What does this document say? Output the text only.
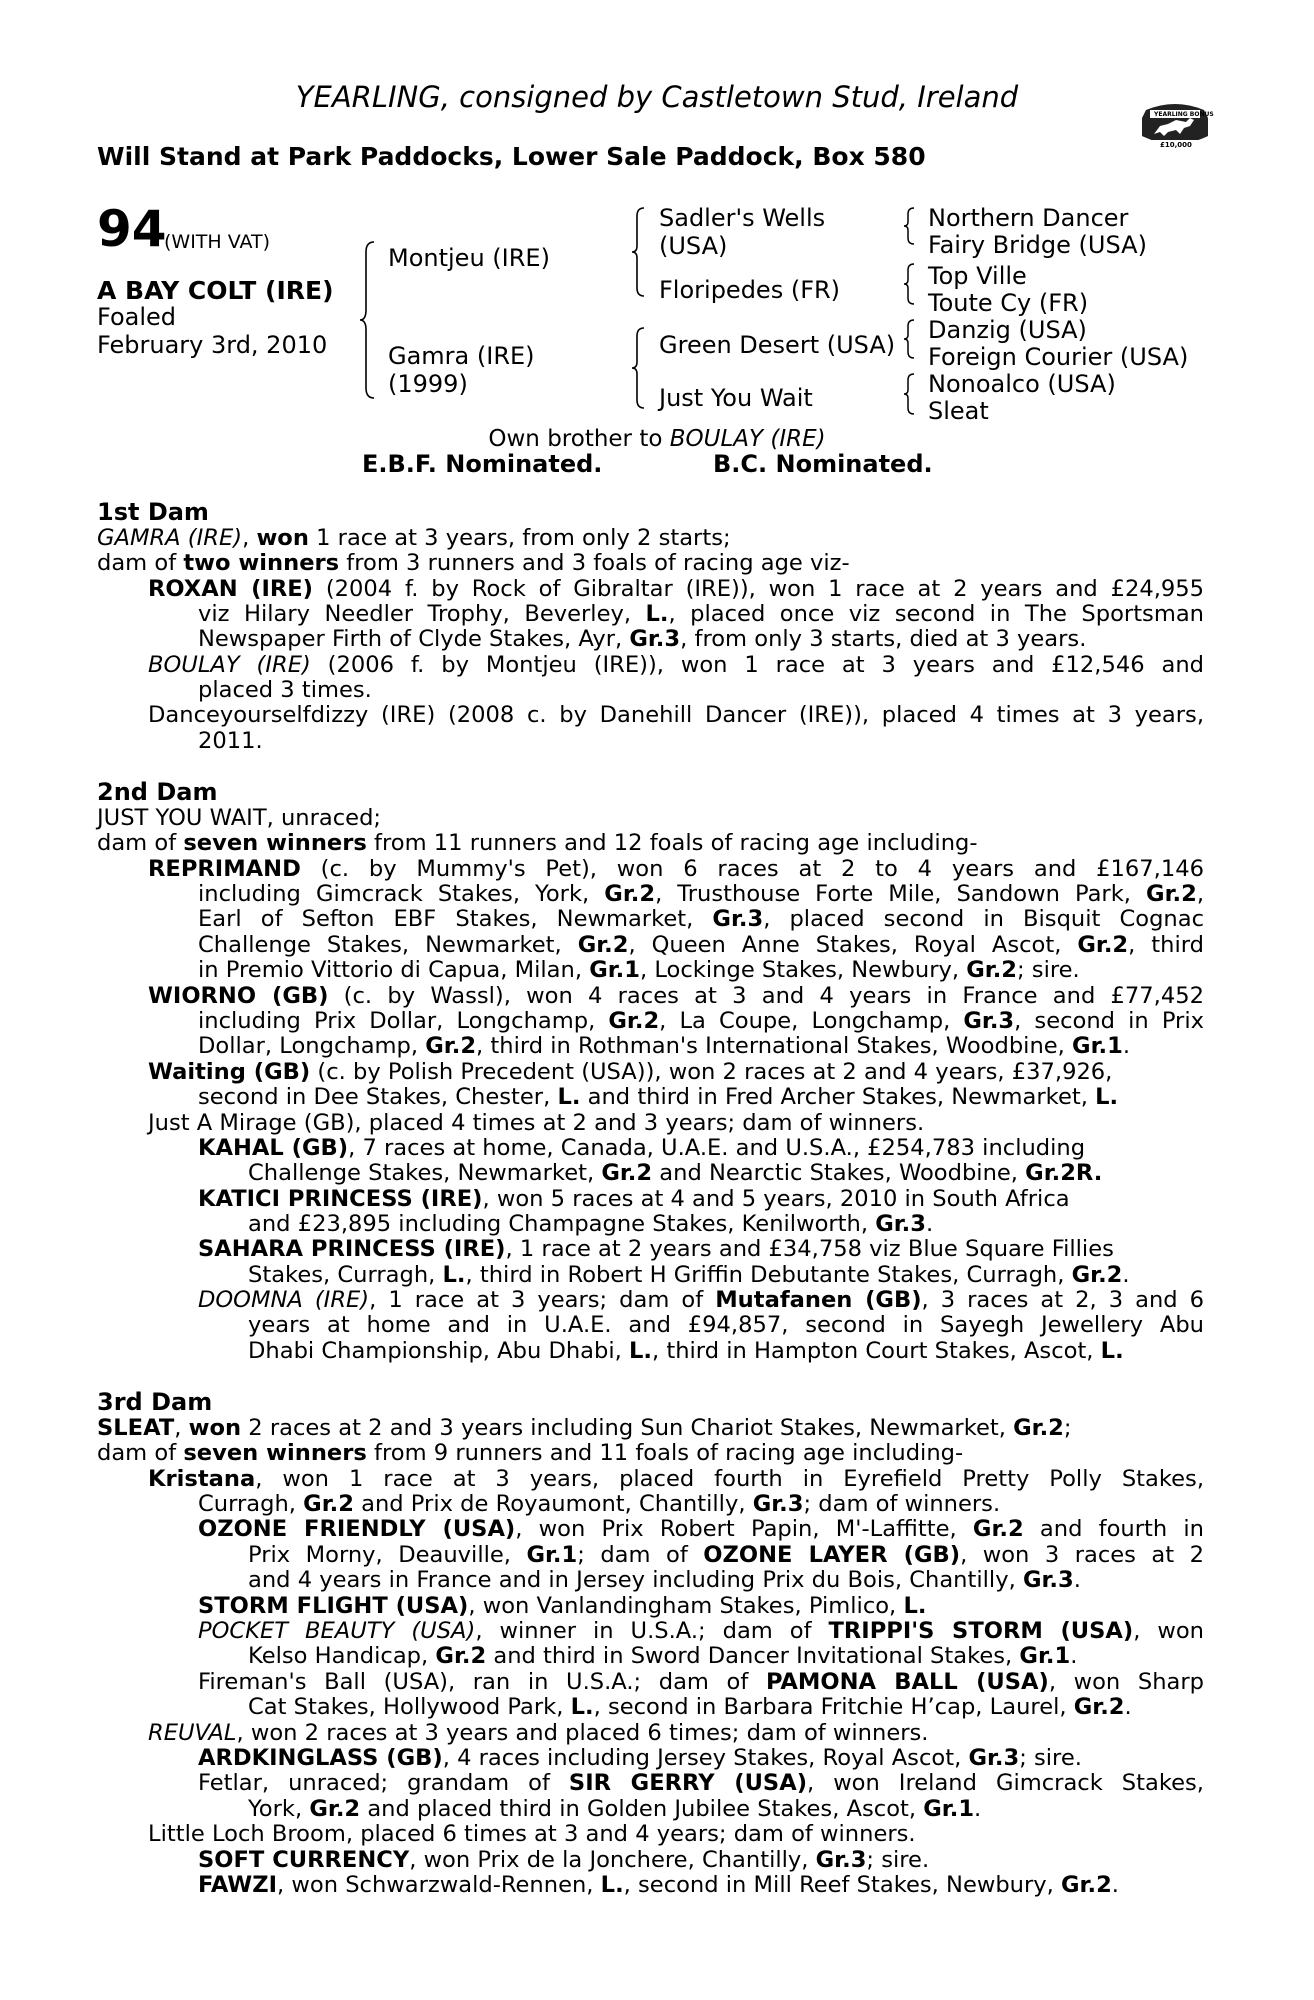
YEARLING, consigned by Castletown Stud, Ireland
Will Stand at Park Paddocks, Lower Sale Paddock, Box 580
YEARLING BONUS
£10,000
94
(WITH VAT)
A BAY COLT (IRE)
Foaled
February 3rd, 2010
Montjeu (IRE)
Gamra (IRE)
(1999)
Sadler's Wells
(USA)
Floripedes (FR)
Green Desert (USA)
Just You Wait
Northern Dancer
Fairy Bridge (USA)
Top Ville
Toute Cy (FR)
Danzig (USA)
Foreign Courier (USA)
Nonoalco (USA)
Sleat
Own brother to BOULAY (IRE)
E.B.F. Nominated.	B.C. Nominated.
1st Dam
GAMRA (IRE), won 1 race at 3 years, from only 2 starts;
dam of two winners from 3 runners and 3 foals of racing age viz-
ROXAN (IRE) (2004 f. by Rock of Gibraltar (IRE)), won 1 race at 2 years and £24,955
viz Hilary Needler Trophy, Beverley, L., placed once viz second in The Sportsman
Newspaper Firth of Clyde Stakes, Ayr, Gr.3, from only 3 starts, died at 3 years.
BOULAY (IRE) (2006 f. by Montjeu (IRE)), won 1 race at 3 years and £12,546 and
placed 3 times.
Danceyourselfdizzy (IRE) (2008 c. by Danehill Dancer (IRE)), placed 4 times at 3 years,
2011.
2nd Dam
JUST YOU WAIT, unraced;
dam of seven winners from 11 runners and 12 foals of racing age including-
REPRIMAND (c. by Mummy's Pet), won 6 races at 2 to 4 years and £167,146
including Gimcrack Stakes, York, Gr.2, Trusthouse Forte Mile, Sandown Park, Gr.2,
Earl of Sefton EBF Stakes, Newmarket, Gr.3, placed second in Bisquit Cognac
Challenge Stakes, Newmarket, Gr.2, Queen Anne Stakes, Royal Ascot, Gr.2, third
in Premio Vittorio di Capua, Milan, Gr.1, Lockinge Stakes, Newbury, Gr.2; sire.
WIORNO (GB) (c. by Wassl), won 4 races at 3 and 4 years in France and £77,452
including Prix Dollar, Longchamp, Gr.2, La Coupe, Longchamp, Gr.3, second in Prix
Dollar, Longchamp, Gr.2, third in Rothman's International Stakes, Woodbine, Gr.1.
Waiting (GB) (c. by Polish Precedent (USA)), won 2 races at 2 and 4 years, £37,926,
second in Dee Stakes, Chester, L. and third in Fred Archer Stakes, Newmarket, L.
Just A Mirage (GB), placed 4 times at 2 and 3 years; dam of winners.
KAHAL (GB), 7 races at home, Canada, U.A.E. and U.S.A., £254,783 including
Challenge Stakes, Newmarket, Gr.2 and Nearctic Stakes, Woodbine, Gr.2R.
KATICI PRINCESS (IRE), won 5 races at 4 and 5 years, 2010 in South Africa
and £23,895 including Champagne Stakes, Kenilworth, Gr.3.
SAHARA PRINCESS (IRE), 1 race at 2 years and £34,758 viz Blue Square Fillies
Stakes, Curragh, L., third in Robert H Griffin Debutante Stakes, Curragh, Gr.2.
DOOMNA (IRE), 1 race at 3 years; dam of Mutafanen (GB), 3 races at 2, 3 and 6
years at home and in U.A.E. and £94,857, second in Sayegh Jewellery Abu
Dhabi Championship, Abu Dhabi, L., third in Hampton Court Stakes, Ascot, L.
3rd Dam
SLEAT, won 2 races at 2 and 3 years including Sun Chariot Stakes, Newmarket, Gr.2;
dam of seven winners from 9 runners and 11 foals of racing age including-
Kristana, won 1 race at 3 years, placed fourth in Eyrefield Pretty Polly Stakes,
Curragh, Gr.2 and Prix de Royaumont, Chantilly, Gr.3; dam of winners.
OZONE FRIENDLY (USA), won Prix Robert Papin, M'-Laffitte, Gr.2 and fourth in
Prix Morny, Deauville, Gr.1; dam of OZONE LAYER (GB), won 3 races at 2
and 4 years in France and in Jersey including Prix du Bois, Chantilly, Gr.3.
STORM FLIGHT (USA), won Vanlandingham Stakes, Pimlico, L.
POCKET BEAUTY (USA), winner in U.S.A.; dam of TRIPPI'S STORM (USA), won
Kelso Handicap, Gr.2 and third in Sword Dancer Invitational Stakes, Gr.1.
Fireman's Ball (USA), ran in U.S.A.; dam of PAMONA BALL (USA), won Sharp
Cat Stakes, Hollywood Park, L., second in Barbara Fritchie H’cap, Laurel, Gr.2.
REUVAL, won 2 races at 3 years and placed 6 times; dam of winners.
ARDKINGLASS (GB), 4 races including Jersey Stakes, Royal Ascot, Gr.3; sire.
Fetlar, unraced; grandam of SIR GERRY (USA), won Ireland Gimcrack Stakes,
York, Gr.2 and placed third in Golden Jubilee Stakes, Ascot, Gr.1.
Little Loch Broom, placed 6 times at 3 and 4 years; dam of winners.
SOFT CURRENCY, won Prix de la Jonchere, Chantilly, Gr.3; sire.
FAWZI, won Schwarzwald-Rennen, L., second in Mill Reef Stakes, Newbury, Gr.2.
